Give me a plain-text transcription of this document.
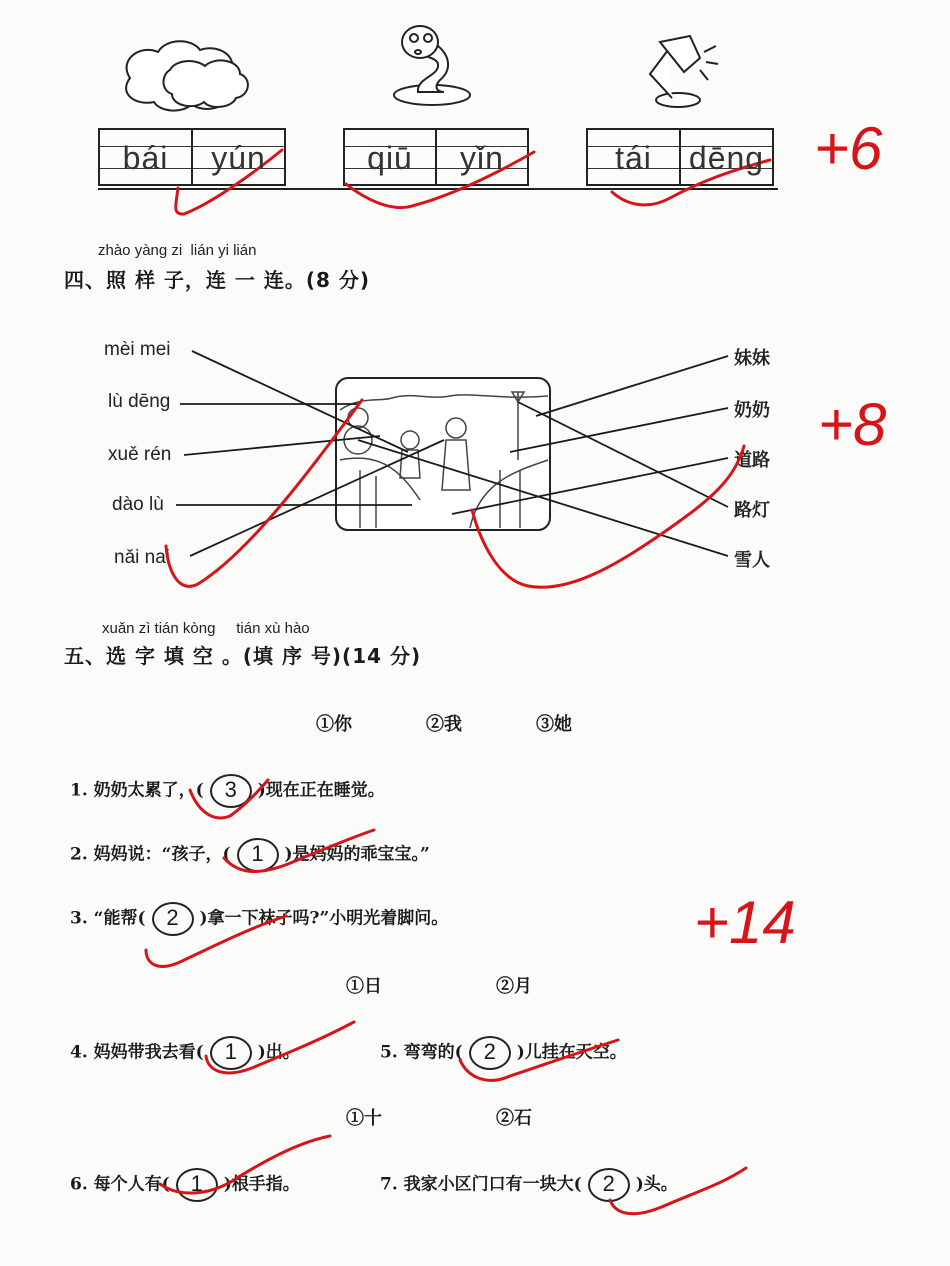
bái yún	qiū yǐn	tái dēng
zhào yàng zi  lián yi lián
四、照 样 子，连 一 连。(8 分)
mèi mei
lù dēng
xuě rén
dào lù
nǎi nai
妹妹
奶奶
道路
路灯
雪人
xuǎn zì tián kòng     tián xù hào
五、选 字 填 空 。(填 序 号)(14 分)
①你	②我	③她
1. 奶奶太累了，( 3 )现在正在睡觉。
2. 妈妈说：“孩子，( 1 )是妈妈的乖宝宝。”
3. “能帮( 2 )拿一下袜子吗?”小明光着脚问。
①日	②月
4. 妈妈带我去看( 1 )出。	5. 弯弯的( 2 )儿挂在天空。
①十	②石
6. 每个人有( 1 )根手指。	7. 我家小区门口有一块大( 2 )头。
+6
+8
+14
